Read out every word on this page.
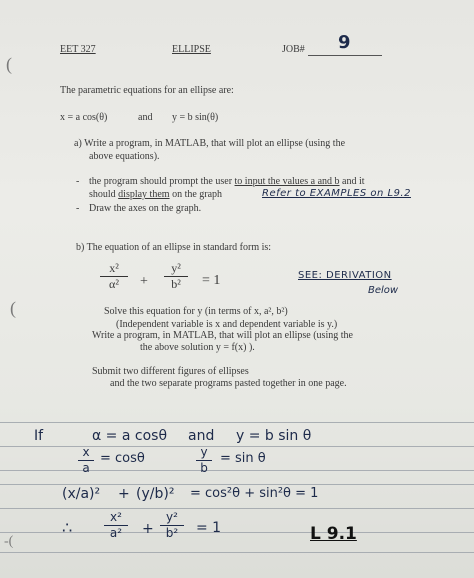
(
(
EET 327	ELLIPSE	JOB# 9
The parametric equations for an ellipse are:
x = a cos(θ)	and y = b sin(θ)
a) Write a program, in MATLAB, that will plot an ellipse (using the
above equations).
- the program should prompt the user to input the values a and b and it
should display them on the graph
- Draw the axes on the graph.
Refer to EXAMPLES on L9.2
b) The equation of an ellipse in standard form is:
x²
α²	+
y²
b²	= 1	SEE: DERIVATION
Below
Solve this equation for y (in terms of x, a², b²)
(Independent variable is x and dependent variable is y.)
Write a program, in MATLAB, that will plot an ellipse (using the
the above solution y = f(x) ).
Submit two different figures of ellipses
and the two separate programs pasted together in one page.
If	α = a cosθ and y = b sin θ
x
a
= cosθ	y
b
= sin θ
(x/a)² + (y/b)² = cos²θ + sin²θ = 1
∴
x²
a²	+
y²
b²	= 1	L 9.1
-(
